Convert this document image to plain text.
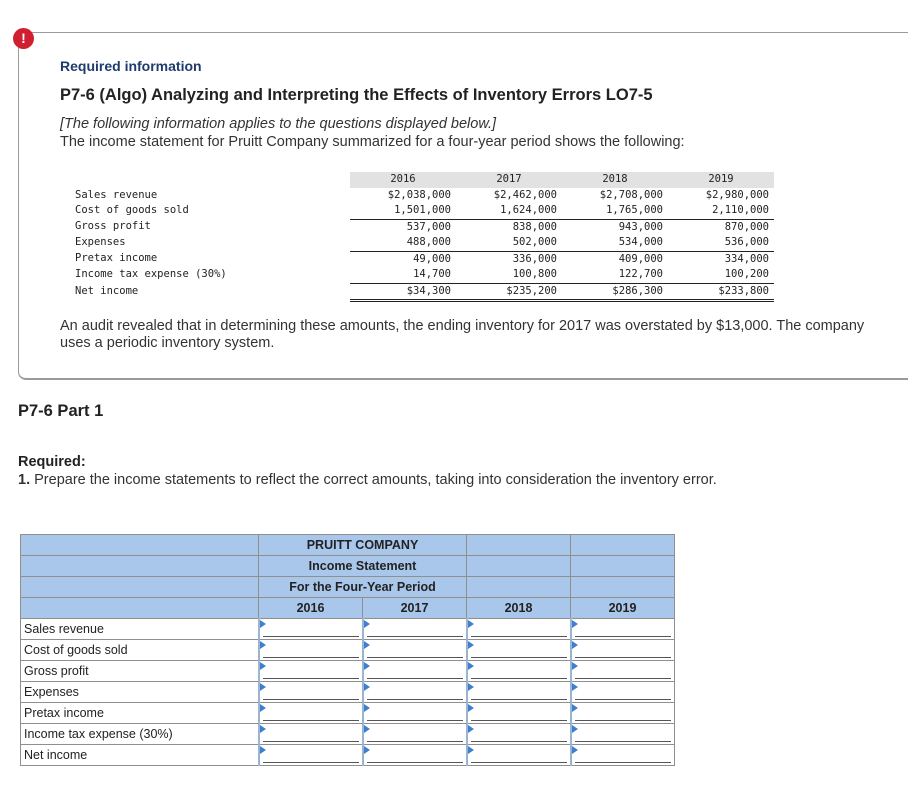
!
Required information
P7-6 (Algo) Analyzing and Interpreting the Effects of Inventory Errors LO7-5
[The following information applies to the questions displayed below.]
The income statement for Pruitt Company summarized for a four-year period shows the following:
	2016	2017	2018	2019
Sales revenue	$2,038,000	$2,462,000	$2,708,000	$2,980,000
Cost of goods sold	1,501,000	1,624,000	1,765,000	2,110,000
Gross profit	537,000	838,000	943,000	870,000
Expenses	488,000	502,000	534,000	536,000
Pretax income	49,000	336,000	409,000	334,000
Income tax expense (30%)	14,700	100,800	122,700	100,200
Net income	$34,300	$235,200	$286,300	$233,800
An audit revealed that in determining these amounts, the ending inventory for 2017 was overstated by $13,000. The company uses a periodic inventory system.
P7-6 Part 1
Required:
1. Prepare the income statements to reflect the correct amounts, taking into consideration the inventory error.
	PRUITT COMPANY			
	Income Statement			
	For the Four-Year Period			
	2016	2017	2018	2019
Sales revenue				
Cost of goods sold				
Gross profit				
Expenses				
Pretax income				
Income tax expense (30%)				
Net income				
